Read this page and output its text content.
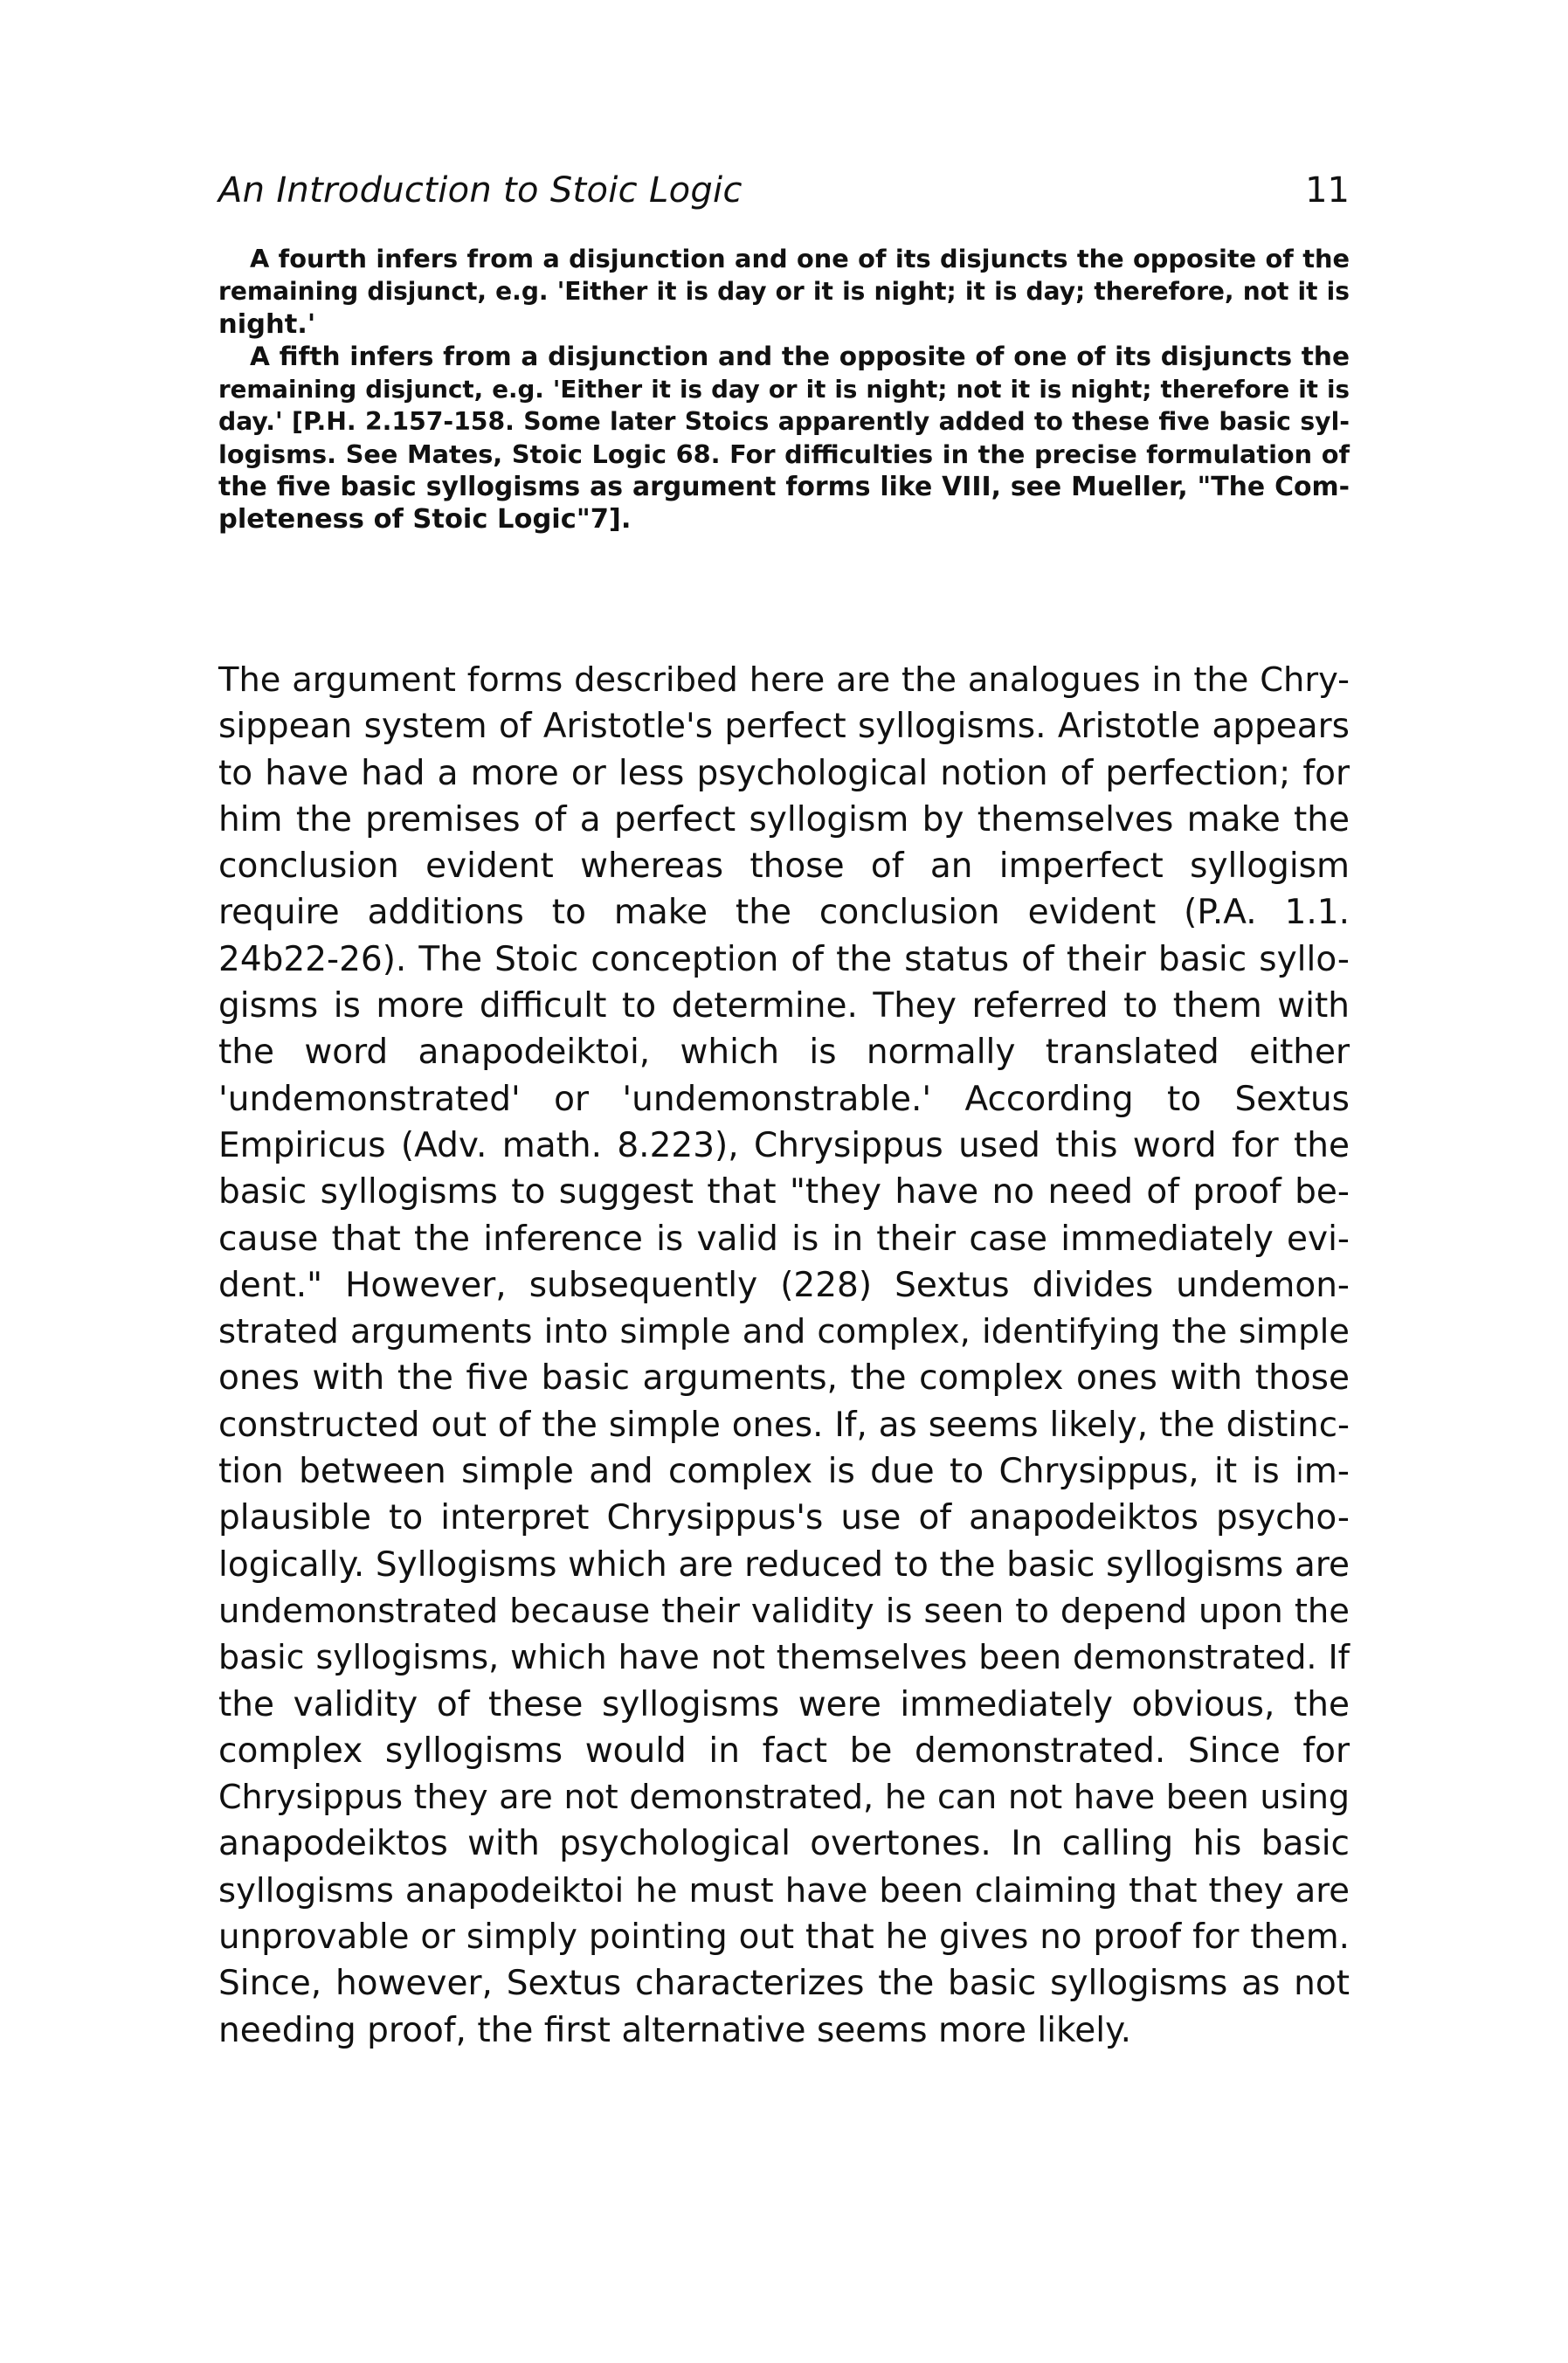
An Introduction to Stoic Logic	11
A fourth infers from a disjunction and one of its disjuncts the opposite of the
remaining disjunct, e.g. 'Either it is day or it is night; it is day; therefore, not it is
night.'
A fifth infers from a disjunction and the opposite of one of its disjuncts the
remaining disjunct, e.g. 'Either it is day or it is night; not it is night; therefore it is
day.' [P.H. 2.157-158. Some later Stoics apparently added to these five basic syl-
logisms. See Mates, Stoic Logic 68. For difficulties in the precise formulation of
the five basic syllogisms as argument forms like VIII, see Mueller, "The Com-
pleteness of Stoic Logic"7].
The argument forms described here are the analogues in the Chry-
sippean system of Aristotle's perfect syllogisms. Aristotle appears
to have had a more or less psychological notion of perfection; for
him the premises of a perfect syllogism by themselves make the
conclusion evident whereas those of an imperfect syllogism
require additions to make the conclusion evident (P.A. 1.1.
24b22-26). The Stoic conception of the status of their basic syllo-
gisms is more difficult to determine. They referred to them with
the word anapodeiktoi, which is normally translated either
'undemonstrated' or 'undemonstrable.' According to Sextus
Empiricus (Adv. math. 8.223), Chrysippus used this word for the
basic syllogisms to suggest that "they have no need of proof be-
cause that the inference is valid is in their case immediately evi-
dent." However, subsequently (228) Sextus divides undemon-
strated arguments into simple and complex, identifying the simple
ones with the five basic arguments, the complex ones with those
constructed out of the simple ones. If, as seems likely, the distinc-
tion between simple and complex is due to Chrysippus, it is im-
plausible to interpret Chrysippus's use of anapodeiktos psycho-
logically. Syllogisms which are reduced to the basic syllogisms are
undemonstrated because their validity is seen to depend upon the
basic syllogisms, which have not themselves been demonstrated. If
the validity of these syllogisms were immediately obvious, the
complex syllogisms would in fact be demonstrated. Since for
Chrysippus they are not demonstrated, he can not have been using
anapodeiktos with psychological overtones. In calling his basic
syllogisms anapodeiktoi he must have been claiming that they are
unprovable or simply pointing out that he gives no proof for them.
Since, however, Sextus characterizes the basic syllogisms as not
needing proof, the first alternative seems more likely.
